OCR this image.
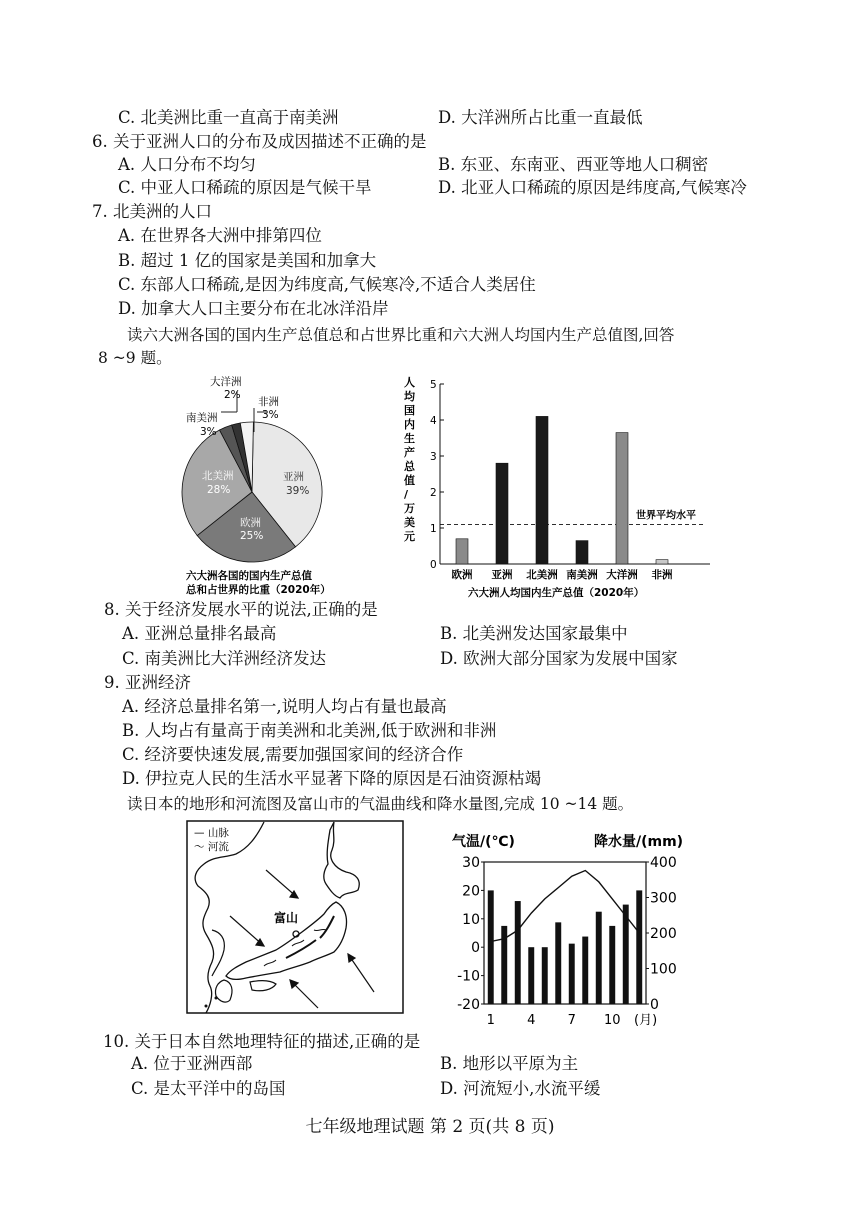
C. 北美洲比重一直高于南美洲	D. 大洋洲所占比重一直最低
6. 关于亚洲人口的分布及成因描述不正确的是
A. 人口分布不均匀	B. 东亚、东南亚、西亚等地人口稠密
C. 中亚人口稀疏的原因是气候干旱	D. 北亚人口稀疏的原因是纬度高,气候寒冷
7. 北美洲的人口
A. 在世界各大洲中排第四位
B. 超过 1 亿的国家是美国和加拿大
C. 东部人口稀疏,是因为纬度高,气候寒冷,不适合人类居住
D. 加拿大人口主要分布在北冰洋沿岸
读六大洲各国的国内生产总值总和占世界比重和六大洲人均国内生产总值图,回答
8 ~9 题。
大洋洲
2%
非洲
3%
南美洲
3%
亚洲
39%
北美洲
28%
欧洲
25%
六大洲各国的国内生产总值
总和占世界的比重（2020年）
人
均
国
内
生
产
总
值
/
万
美
元
0
1
2
3
4
5
世界平均水平
欧洲 亚洲 北美洲 南美洲 大洋洲 非洲
六大洲人均国内生产总值（2020年）
8. 关于经济发展水平的说法,正确的是
A. 亚洲总量排名最高	B. 北美洲发达国家最集中
C. 南美洲比大洋洲经济发达	D. 欧洲大部分国家为发展中国家
9. 亚洲经济
A. 经济总量排名第一,说明人均占有量也最高
B. 人均占有量高于南美洲和北美洲,低于欧洲和非洲
C. 经济要快速发展,需要加强国家间的经济合作
D. 伊拉克人民的生活水平显著下降的原因是石油资源枯竭
读日本的地形和河流图及富山市的气温曲线和降水量图,完成 10 ~14 题。
— 山脉
〜 河流
富山
气温/(℃)	降水量/(mm)
30
20
10
0
-10
-20
400
300
200
100
0
1 4 7 10 (月)
10. 关于日本自然地理特征的描述,正确的是
A. 位于亚洲西部	B. 地形以平原为主
C. 是太平洋中的岛国	D. 河流短小,水流平缓
七年级地理试题 第 2 页(共 8 页)
